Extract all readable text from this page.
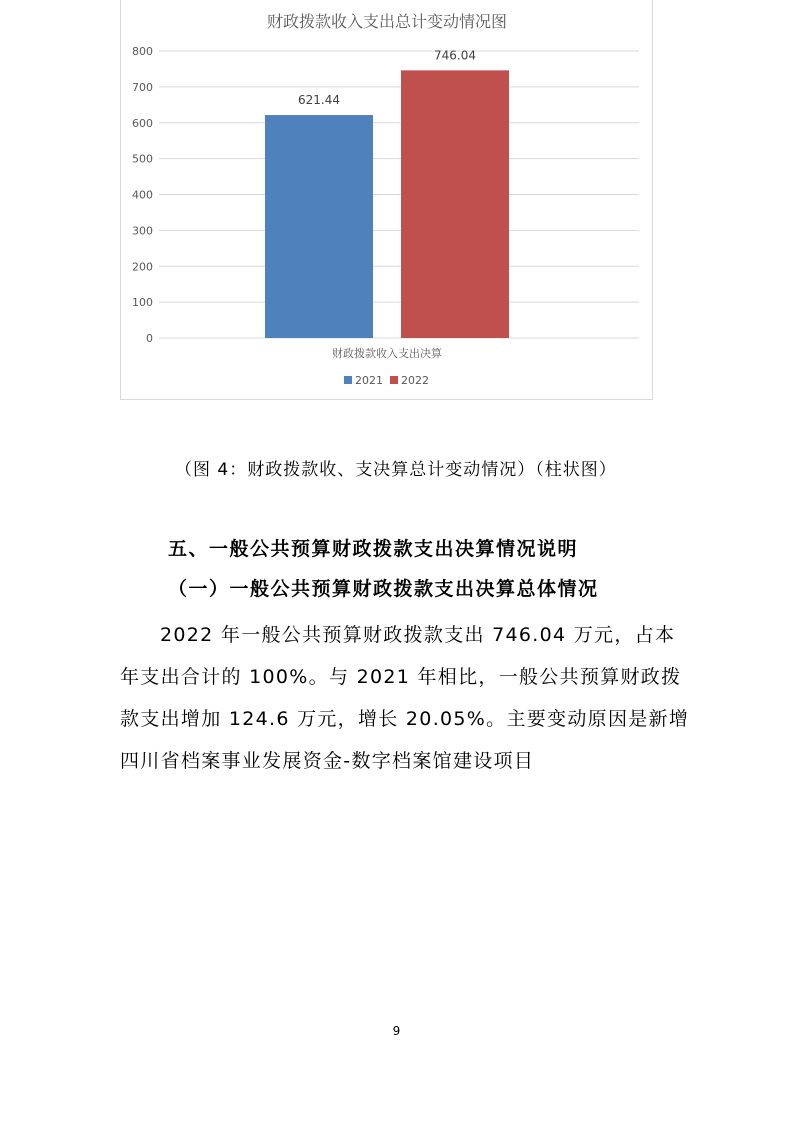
财政拨款收入支出总计变动情况图
0
100
200
300
400
500
600
700
800
621.44
746.04
财政拨款收入支出决算
2021 2022
（图 4：财政拨款收、支决算总计变动情况）（柱状图）
五、一般公共预算财政拨款支出决算情况说明
（一）一般公共预算财政拨款支出决算总体情况
2022 年一般公共预算财政拨款支出 746.04 万元，占本
年支出合计的 100%。与 2021 年相比，一般公共预算财政拨
款支出增加 124.6 万元，增长 20.05%。主要变动原因是新增
四川省档案事业发展资金-数字档案馆建设项目
9
